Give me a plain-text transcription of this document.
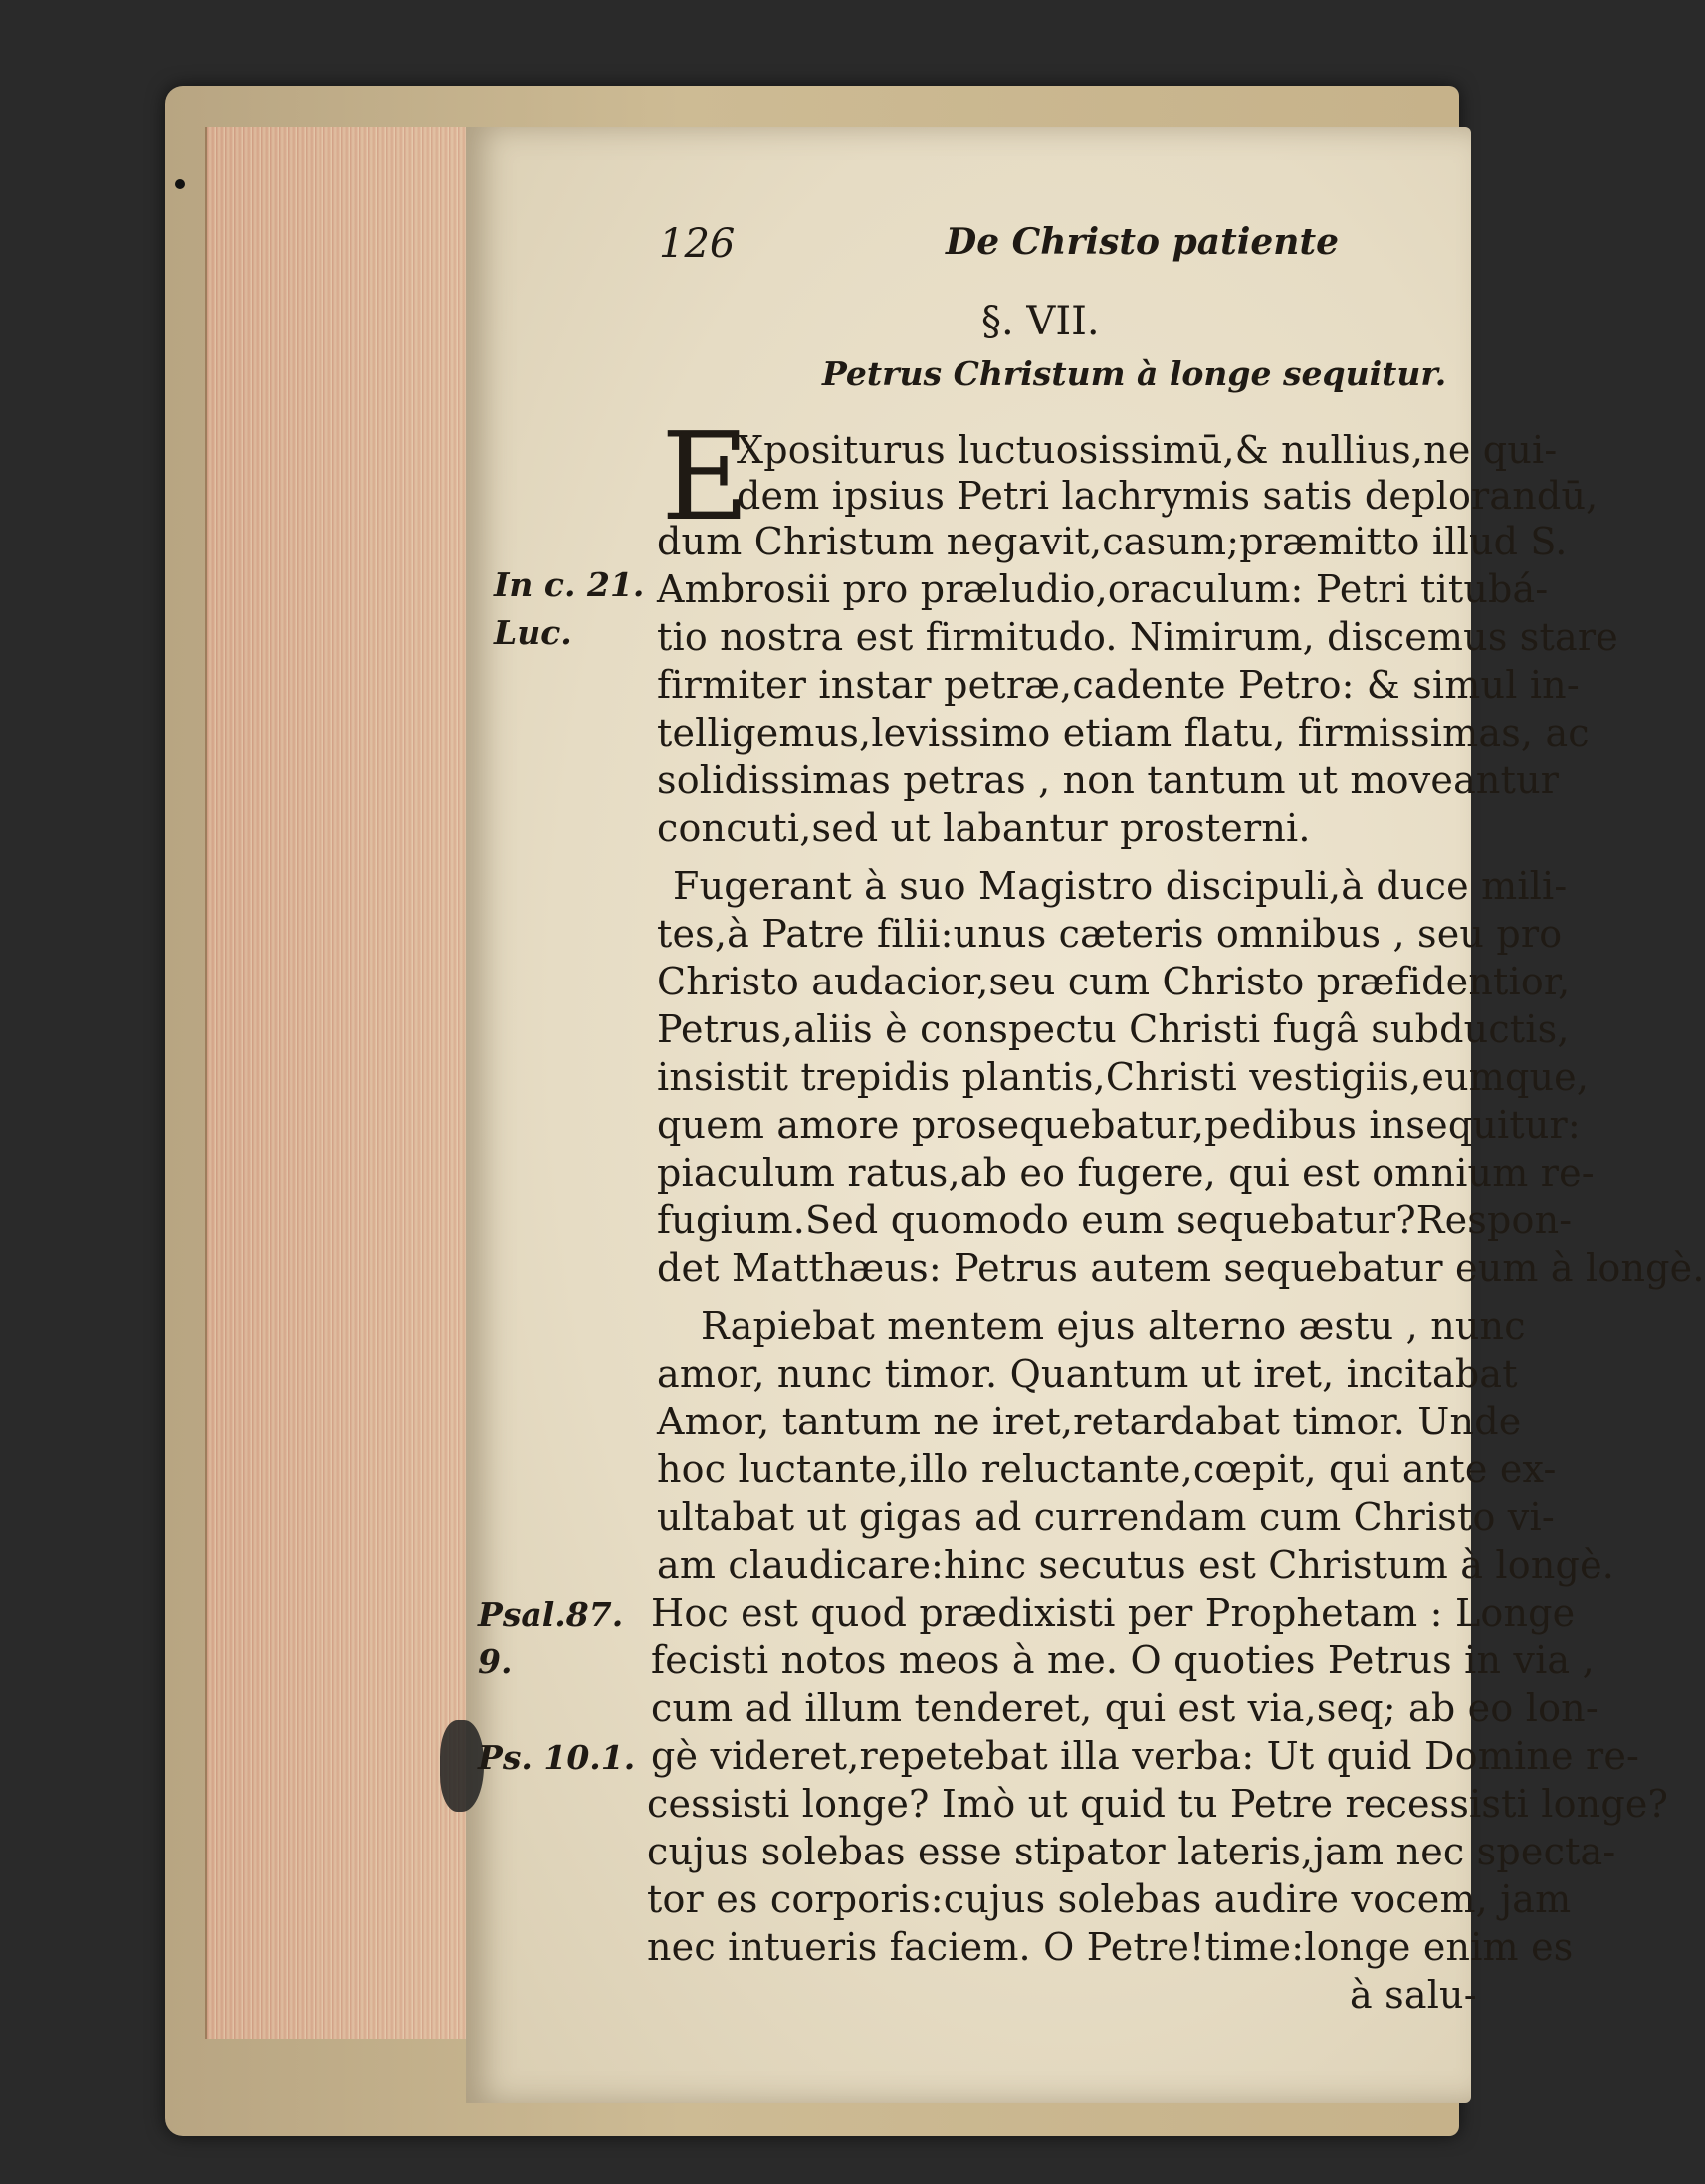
126	De Christo patiente
§. VII.
Petrus Christum à longe sequitur.
E
Xpositurus luctuosissimū,& nullius,ne qui-
dem ipsius Petri lachrymis satis deplorandū,
dum Christum negavit,casum;præmitto illud S.
Ambrosii pro præludio,oraculum: Petri titubá-
tio nostra est firmitudo. Nimirum, discemus stare
firmiter instar petræ,cadente Petro: & simul in-
telligemus,levissimo etiam flatu, firmissimas, ac
solidissimas petras , non tantum ut moveantur
concuti,sed ut labantur prosterni.
Fugerant à suo Magistro discipuli,à duce mili-
tes,à Patre filii:unus cæteris omnibus , seu pro
Christo audacior,seu cum Christo præfidentior,
Petrus,aliis è conspectu Christi fugâ subductis,
insistit trepidis plantis,Christi vestigiis,eumque,
quem amore prosequebatur,pedibus insequitur:
piaculum ratus,ab eo fugere, qui est omnium re-
fugium.Sed quomodo eum sequebatur?Respon-
det Matthæus: Petrus autem sequebatur eum à longè.
Rapiebat mentem ejus alterno æstu , nunc
amor, nunc timor. Quantum ut iret, incitabat
Amor, tantum ne iret,retardabat timor. Unde
hoc luctante,illo reluctante,cœpit, qui ante ex-
ultabat ut gigas ad currendam cum Christo vi-
am claudicare:hinc secutus est Christum à longè.
Hoc est quod prædixisti per Prophetam : Longe
fecisti notos meos à me. O quoties Petrus in via ,
cum ad illum tenderet, qui est via,seq; ab eo lon-
gè videret,repetebat illa verba: Ut quid Domine re-
cessisti longe? Imò ut quid tu Petre recessisti longe?
cujus solebas esse stipator lateris,jam nec specta-
tor es corporis:cujus solebas audire vocem, jam
nec intueris faciem. O Petre!time:longe enim es
à salu-
In c. 21.
Luc.
Psal.87.
9.
Ps. 10.1.
